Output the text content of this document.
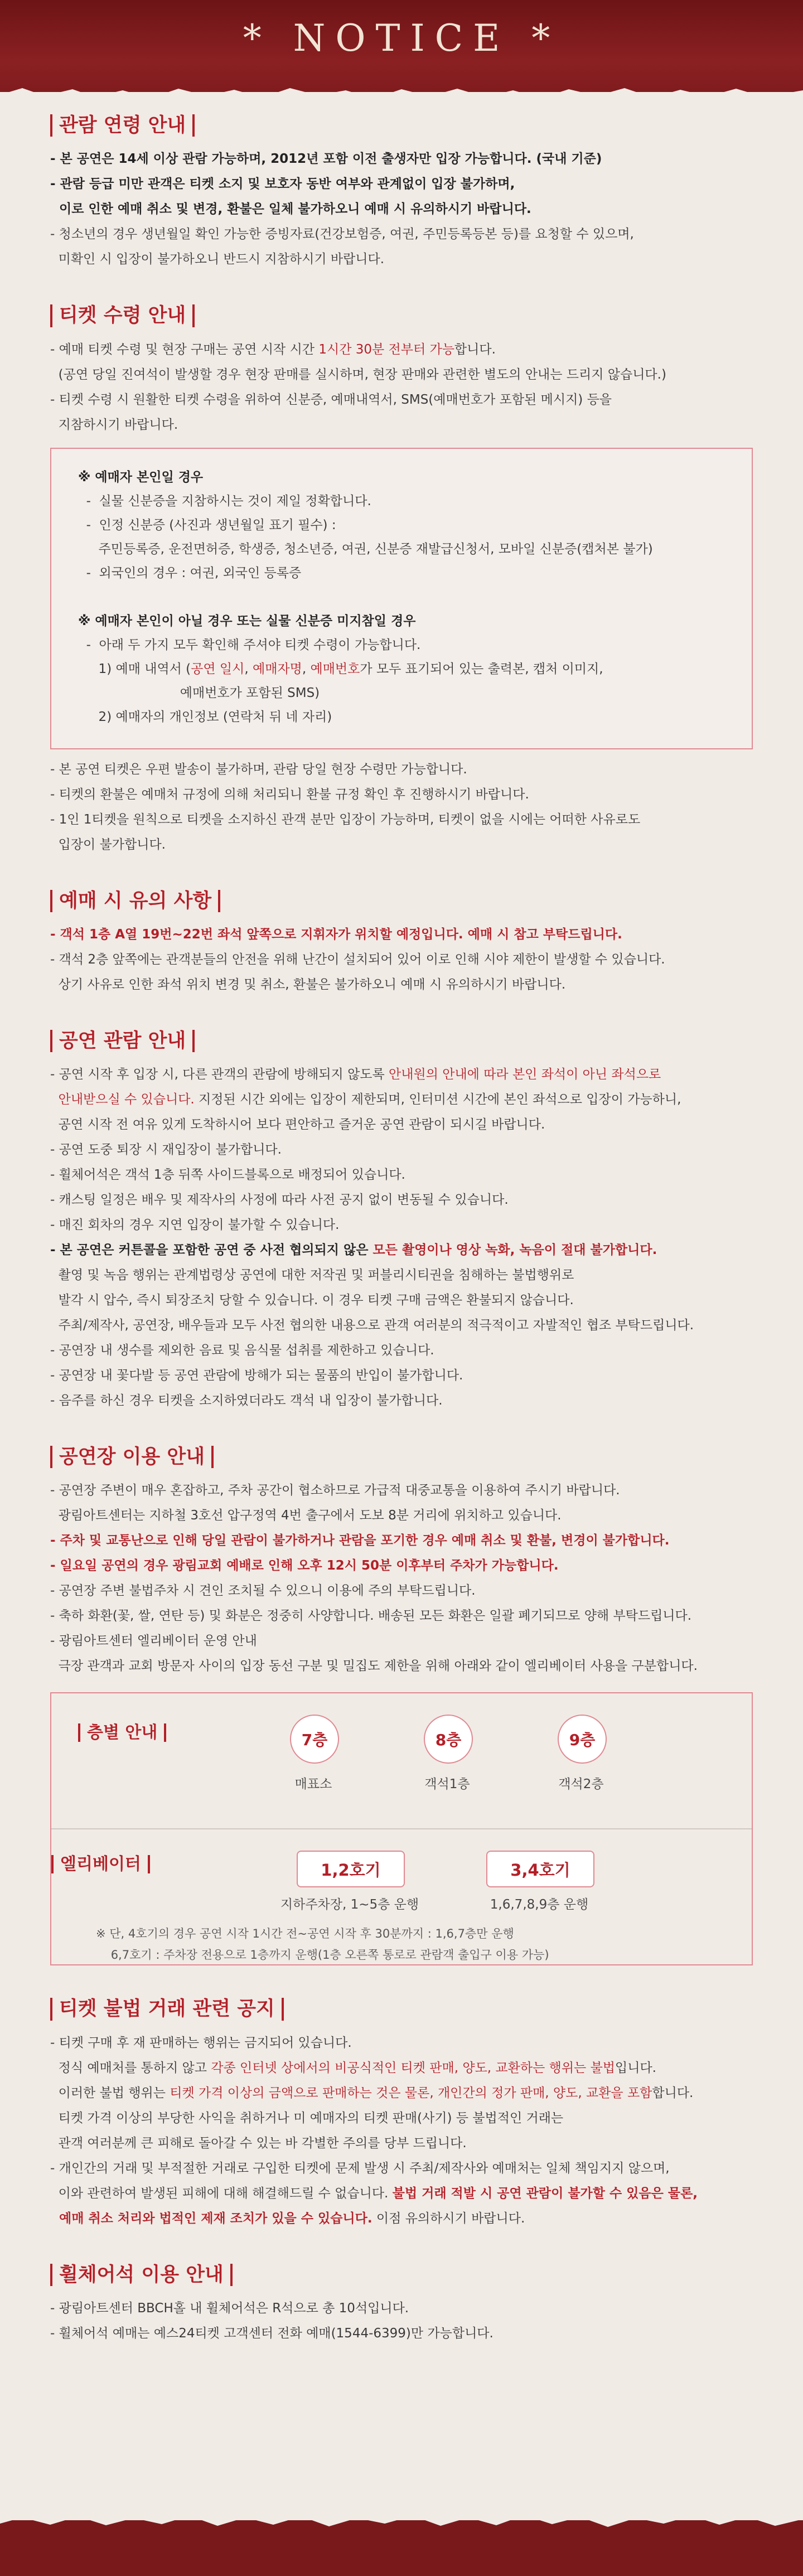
* NOTICE *
관람 연령 안내

- 본 공연은 14세 이상 관람 가능하며, 2012년 포함 이전 출생자만 입장 가능합니다. (국내 기준)

- 관람 등급 미만 관객은 티켓 소지 및 보호자 동반 여부와 관계없이 입장 불가하며,

이로 인한 예매 취소 및 변경, 환불은 일체 불가하오니 예매 시 유의하시기 바랍니다.

- 청소년의 경우 생년월일 확인 가능한 증빙자료(건강보험증, 여권, 주민등록등본 등)를 요청할 수 있으며,

미확인 시 입장이 불가하오니 반드시 지참하시기 바랍니다.

티켓 수령 안내

- 예매 티켓 수령 및 현장 구매는 공연 시작 시간 1시간 30분 전부터 가능합니다.

(공연 당일 진여석이 발생할 경우 현장 판매를 실시하며, 현장 판매와 관련한 별도의 안내는 드리지 않습니다.)

- 티켓 수령 시 원활한 티켓 수령을 위하여 신분증, 예매내역서, SMS(예매번호가 포함된 메시지) 등을

지참하시기 바랍니다.

※ 예매자 본인일 경우

-  실물 신분증을 지참하시는 것이 제일 정확합니다.

-  인정 신분증 (사진과 생년월일 표기 필수) :

주민등록증, 운전면허증, 학생증, 청소년증, 여권, 신분증 재발급신청서, 모바일 신분증(캡처본 불가)

-  외국인의 경우 : 여권, 외국인 등록증

※ 예매자 본인이 아닐 경우 또는 실물 신분증 미지참일 경우

-  아래 두 가지 모두 확인해 주셔야 티켓 수령이 가능합니다.

1) 예매 내역서 (공연 일시, 예매자명, 예매번호가 모두 표기되어 있는 출력본, 캡처 이미지,

예매번호가 포함된 SMS)

2) 예매자의 개인정보 (연락처 뒤 네 자리)

- 본 공연 티켓은 우편 발송이 불가하며, 관람 당일 현장 수령만 가능합니다.

- 티켓의 환불은 예매처 규정에 의해 처리되니 환불 규정 확인 후 진행하시기 바랍니다.

- 1인 1티켓을 원칙으로 티켓을 소지하신 관객 분만 입장이 가능하며, 티켓이 없을 시에는 어떠한 사유로도

입장이 불가합니다.

예매 시 유의 사항

- 객석 1층 A열 19번~22번 좌석 앞쪽으로 지휘자가 위치할 예정입니다. 예매 시 참고 부탁드립니다.

- 객석 2층 앞쪽에는 관객분들의 안전을 위해 난간이 설치되어 있어 이로 인해 시야 제한이 발생할 수 있습니다.

상기 사유로 인한 좌석 위치 변경 및 취소, 환불은 불가하오니 예매 시 유의하시기 바랍니다.

공연 관람 안내

- 공연 시작 후 입장 시, 다른 관객의 관람에 방해되지 않도록 안내원의 안내에 따라 본인 좌석이 아닌 좌석으로

안내받으실 수 있습니다. 지정된 시간 외에는 입장이 제한되며, 인터미션 시간에 본인 좌석으로 입장이 가능하니,

공연 시작 전 여유 있게 도착하시어 보다 편안하고 즐거운 공연 관람이 되시길 바랍니다.

- 공연 도중 퇴장 시 재입장이 불가합니다.

- 휠체어석은 객석 1층 뒤쪽 사이드블록으로 배정되어 있습니다.

- 캐스팅 일정은 배우 및 제작사의 사정에 따라 사전 공지 없이 변동될 수 있습니다.

- 매진 회차의 경우 지연 입장이 불가할 수 있습니다.

- 본 공연은 커튼콜을 포함한 공연 중 사전 협의되지 않은 모든 촬영이나 영상 녹화, 녹음이 절대 불가합니다.

촬영 및 녹음 행위는 관계법령상 공연에 대한 저작권 및 퍼블리시티권을 침해하는 불법행위로

발각 시 압수, 즉시 퇴장조치 당할 수 있습니다. 이 경우 티켓 구매 금액은 환불되지 않습니다.

주최/제작사, 공연장, 배우들과 모두 사전 협의한 내용으로 관객 여러분의 적극적이고 자발적인 협조 부탁드립니다.

- 공연장 내 생수를 제외한 음료 및 음식물 섭취를 제한하고 있습니다.

- 공연장 내 꽃다발 등 공연 관람에 방해가 되는 물품의 반입이 불가합니다.

- 음주를 하신 경우 티켓을 소지하였더라도 객석 내 입장이 불가합니다.

공연장 이용 안내

- 공연장 주변이 매우 혼잡하고, 주차 공간이 협소하므로 가급적 대중교통을 이용하여 주시기 바랍니다.

광림아트센터는 지하철 3호선 압구정역 4번 출구에서 도보 8분 거리에 위치하고 있습니다.

- 주차 및 교통난으로 인해 당일 관람이 불가하거나 관람을 포기한 경우 예매 취소 및 환불, 변경이 불가합니다.

- 일요일 공연의 경우 광림교회 예배로 인해 오후 12시 50분 이후부터 주차가 가능합니다.

- 공연장 주변 불법주차 시 견인 조치될 수 있으니 이용에 주의 부탁드립니다.

- 축하 화환(꽃, 쌀, 연탄 등) 및 화분은 정중히 사양합니다. 배송된 모든 화환은 일괄 폐기되므로 양해 부탁드립니다.

- 광림아트센터 엘리베이터 운영 안내

극장 관객과 교회 방문자 사이의 입장 동선 구분 및 밀집도 제한을 위해 아래와 같이 엘리베이터 사용을 구분합니다.

층별 안내	7층
매표소
8층
객석1층
9층
객석2층
엘리베이터	1,2호기
지하주차장, 1~5층 운행
3,4호기
1,6,7,8,9층 운행
※ 단, 4호기의 경우 공연 시작 1시간 전~공연 시작 후 30분까지 : 1,6,7층만 운행
6,7호기 : 주차장 전용으로 1층까지 운행(1층 오른쪽 통로로 관람객 출입구 이용 가능)
티켓 불법 거래 관련 공지

- 티켓 구매 후 재 판매하는 행위는 금지되어 있습니다.

정식 예매처를 통하지 않고 각종 인터넷 상에서의 비공식적인 티켓 판매, 양도, 교환하는 행위는 불법입니다.

이러한 불법 행위는 티켓 가격 이상의 금액으로 판매하는 것은 물론, 개인간의 정가 판매, 양도, 교환을 포함합니다.

티켓 가격 이상의 부당한 사익을 취하거나 미 예매자의 티켓 판매(사기) 등 불법적인 거래는

관객 여러분께 큰 피해로 돌아갈 수 있는 바 각별한 주의를 당부 드립니다.

- 개인간의 거래 및 부적절한 거래로 구입한 티켓에 문제 발생 시 주최/제작사와 예매처는 일체 책임지지 않으며,

이와 관련하여 발생된 피해에 대해 해결해드릴 수 없습니다. 불법 거래 적발 시 공연 관람이 불가할 수 있음은 물론,

예매 취소 처리와 법적인 제재 조치가 있을 수 있습니다. 이점 유의하시기 바랍니다.

휠체어석 이용 안내

- 광림아트센터 BBCH홀 내 휠체어석은 R석으로 총 10석입니다.

- 휠체어석 예매는 예스24티켓 고객센터 전화 예매(1544-6399)만 가능합니다.
